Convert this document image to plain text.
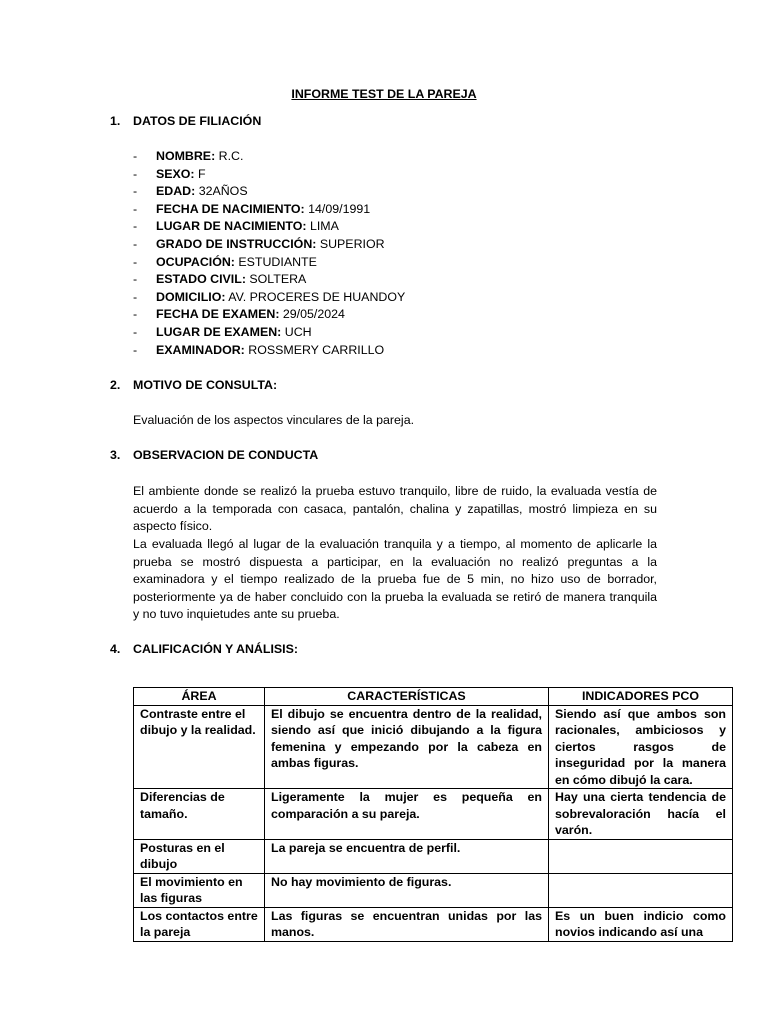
INFORME TEST DE LA PAREJA
1. DATOS DE FILIACIÓN
- NOMBRE: R.C.
- SEXO: F
- EDAD: 32AÑOS
- FECHA DE NACIMIENTO: 14/09/1991
- LUGAR DE NACIMIENTO: LIMA
- GRADO DE INSTRUCCIÓN: SUPERIOR
- OCUPACIÓN: ESTUDIANTE
- ESTADO CIVIL: SOLTERA
- DOMICILIO: AV. PROCERES DE HUANDOY
- FECHA DE EXAMEN: 29/05/2024
- LUGAR DE EXAMEN: UCH
- EXAMINADOR: ROSSMERY CARRILLO
2. MOTIVO DE CONSULTA:
Evaluación de los aspectos vinculares de la pareja.
3. OBSERVACION DE CONDUCTA
El ambiente donde se realizó la prueba estuvo tranquilo, libre de ruido, la evaluada vestía de acuerdo a la temporada con casaca, pantalón, chalina y zapatillas, mostró limpieza en su aspecto físico.
La evaluada llegó al lugar de la evaluación tranquila y a tiempo, al momento de aplicarle la prueba se mostró dispuesta a participar, en la evaluación no realizó preguntas a la examinadora y el tiempo realizado de la prueba fue de 5 min, no hizo uso de borrador, posteriormente ya de haber concluido con la prueba la evaluada se retiró de manera tranquila y no tuvo inquietudes ante su prueba.
4. CALIFICACIÓN Y ANÁLISIS:
ÁREA	CARACTERÍSTICAS	INDICADORES PCO
Contraste entre el dibujo y la realidad.	El dibujo se encuentra dentro de la realidad, siendo así que inició dibujando a la figura femenina y empezando por la cabeza en ambas figuras.	Siendo así que ambos son racionales, ambiciosos y ciertos rasgos de inseguridad por la manera en cómo dibujó la cara.
Diferencias de tamaño.	Ligeramente la mujer es pequeña en comparación a su pareja.	Hay una cierta tendencia de sobrevaloración hacía el varón.
Posturas en el dibujo	La pareja se encuentra de perfil.	
El movimiento en las figuras	No hay movimiento de figuras.	
Los contactos entre la pareja	Las figuras se encuentran unidas por las manos.	Es un buen indicio como novios indicando así una
